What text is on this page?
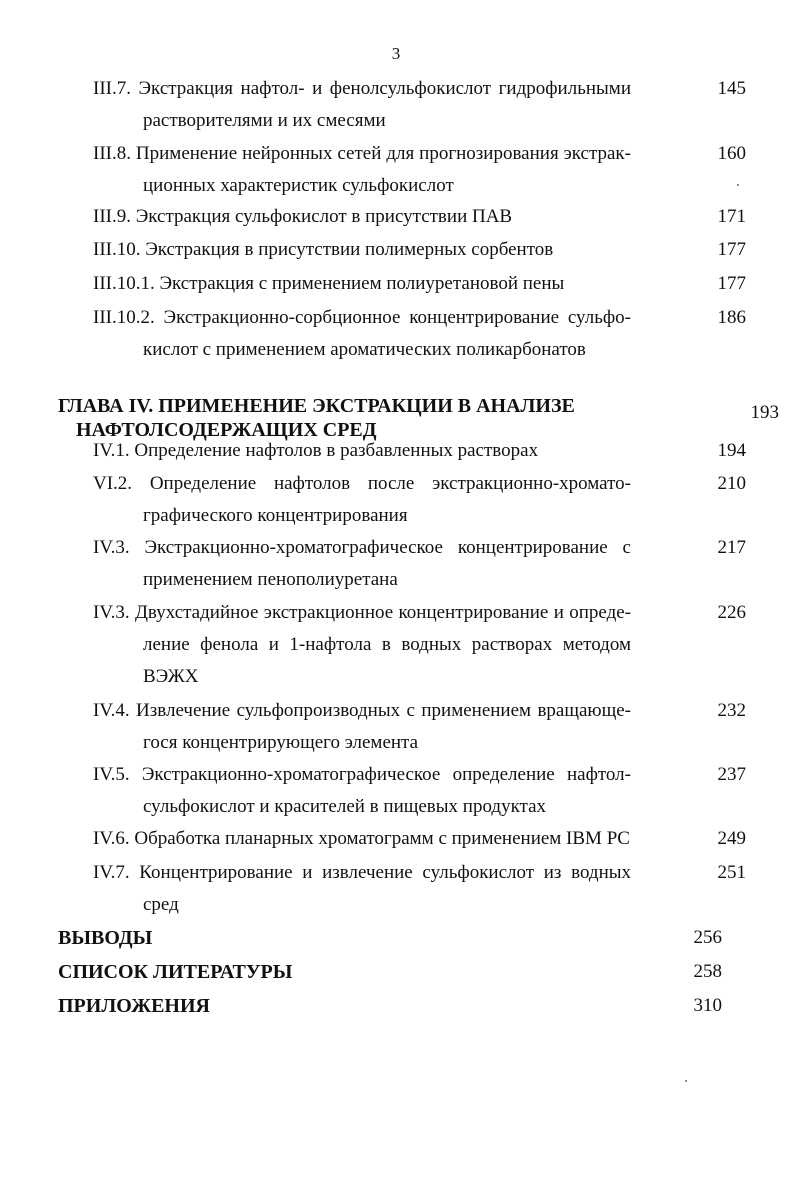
3
III.7. Экстракция нафтол- и фенолсульфокислот гидрофильными
растворителями и их смесями
145
III.8. Применение нейронных сетей для прогнозирования экстрак-
ционных характеристик сульфокислот
160
III.9. Экстракция сульфокислот в присутствии ПАВ	171
III.10. Экстракция в присутствии полимерных сорбентов	177
III.10.1. Экстракция с применением полиуретановой пены	177
III.10.2. Экстракционно-сорбционное концентрирование сульфо-
кислот с применением ароматических поликарбонатов
186
ГЛАВА IV. ПРИМЕНЕНИЕ ЭКСТРАКЦИИ В АНАЛИЗЕ
НАФТОЛСОДЕРЖАЩИХ СРЕД
193
IV.1. Определение нафтолов в разбавленных растворах	194
VI.2. Определение нафтолов после экстракционно-хромато-
графического концентрирования
210
IV.3. Экстракционно-хроматографическое концентрирование с
применением пенополиуретана
217
IV.3. Двухстадийное экстракционное концентрирование и опреде-
ление фенола и 1-нафтола в водных растворах методом
ВЭЖХ
226
IV.4. Извлечение сульфопроизводных с применением вращающе-
гося концентрирующего элемента
232
IV.5. Экстракционно-хроматографическое определение нафтол-
сульфокислот и красителей в пищевых продуктах
237
IV.6. Обработка планарных хроматограмм с применением IBM PC	249
IV.7. Концентрирование и извлечение сульфокислот из водных
сред
251
ВЫВОДЫ	256
СПИСОК ЛИТЕРАТУРЫ	258
ПРИЛОЖЕНИЯ	310
